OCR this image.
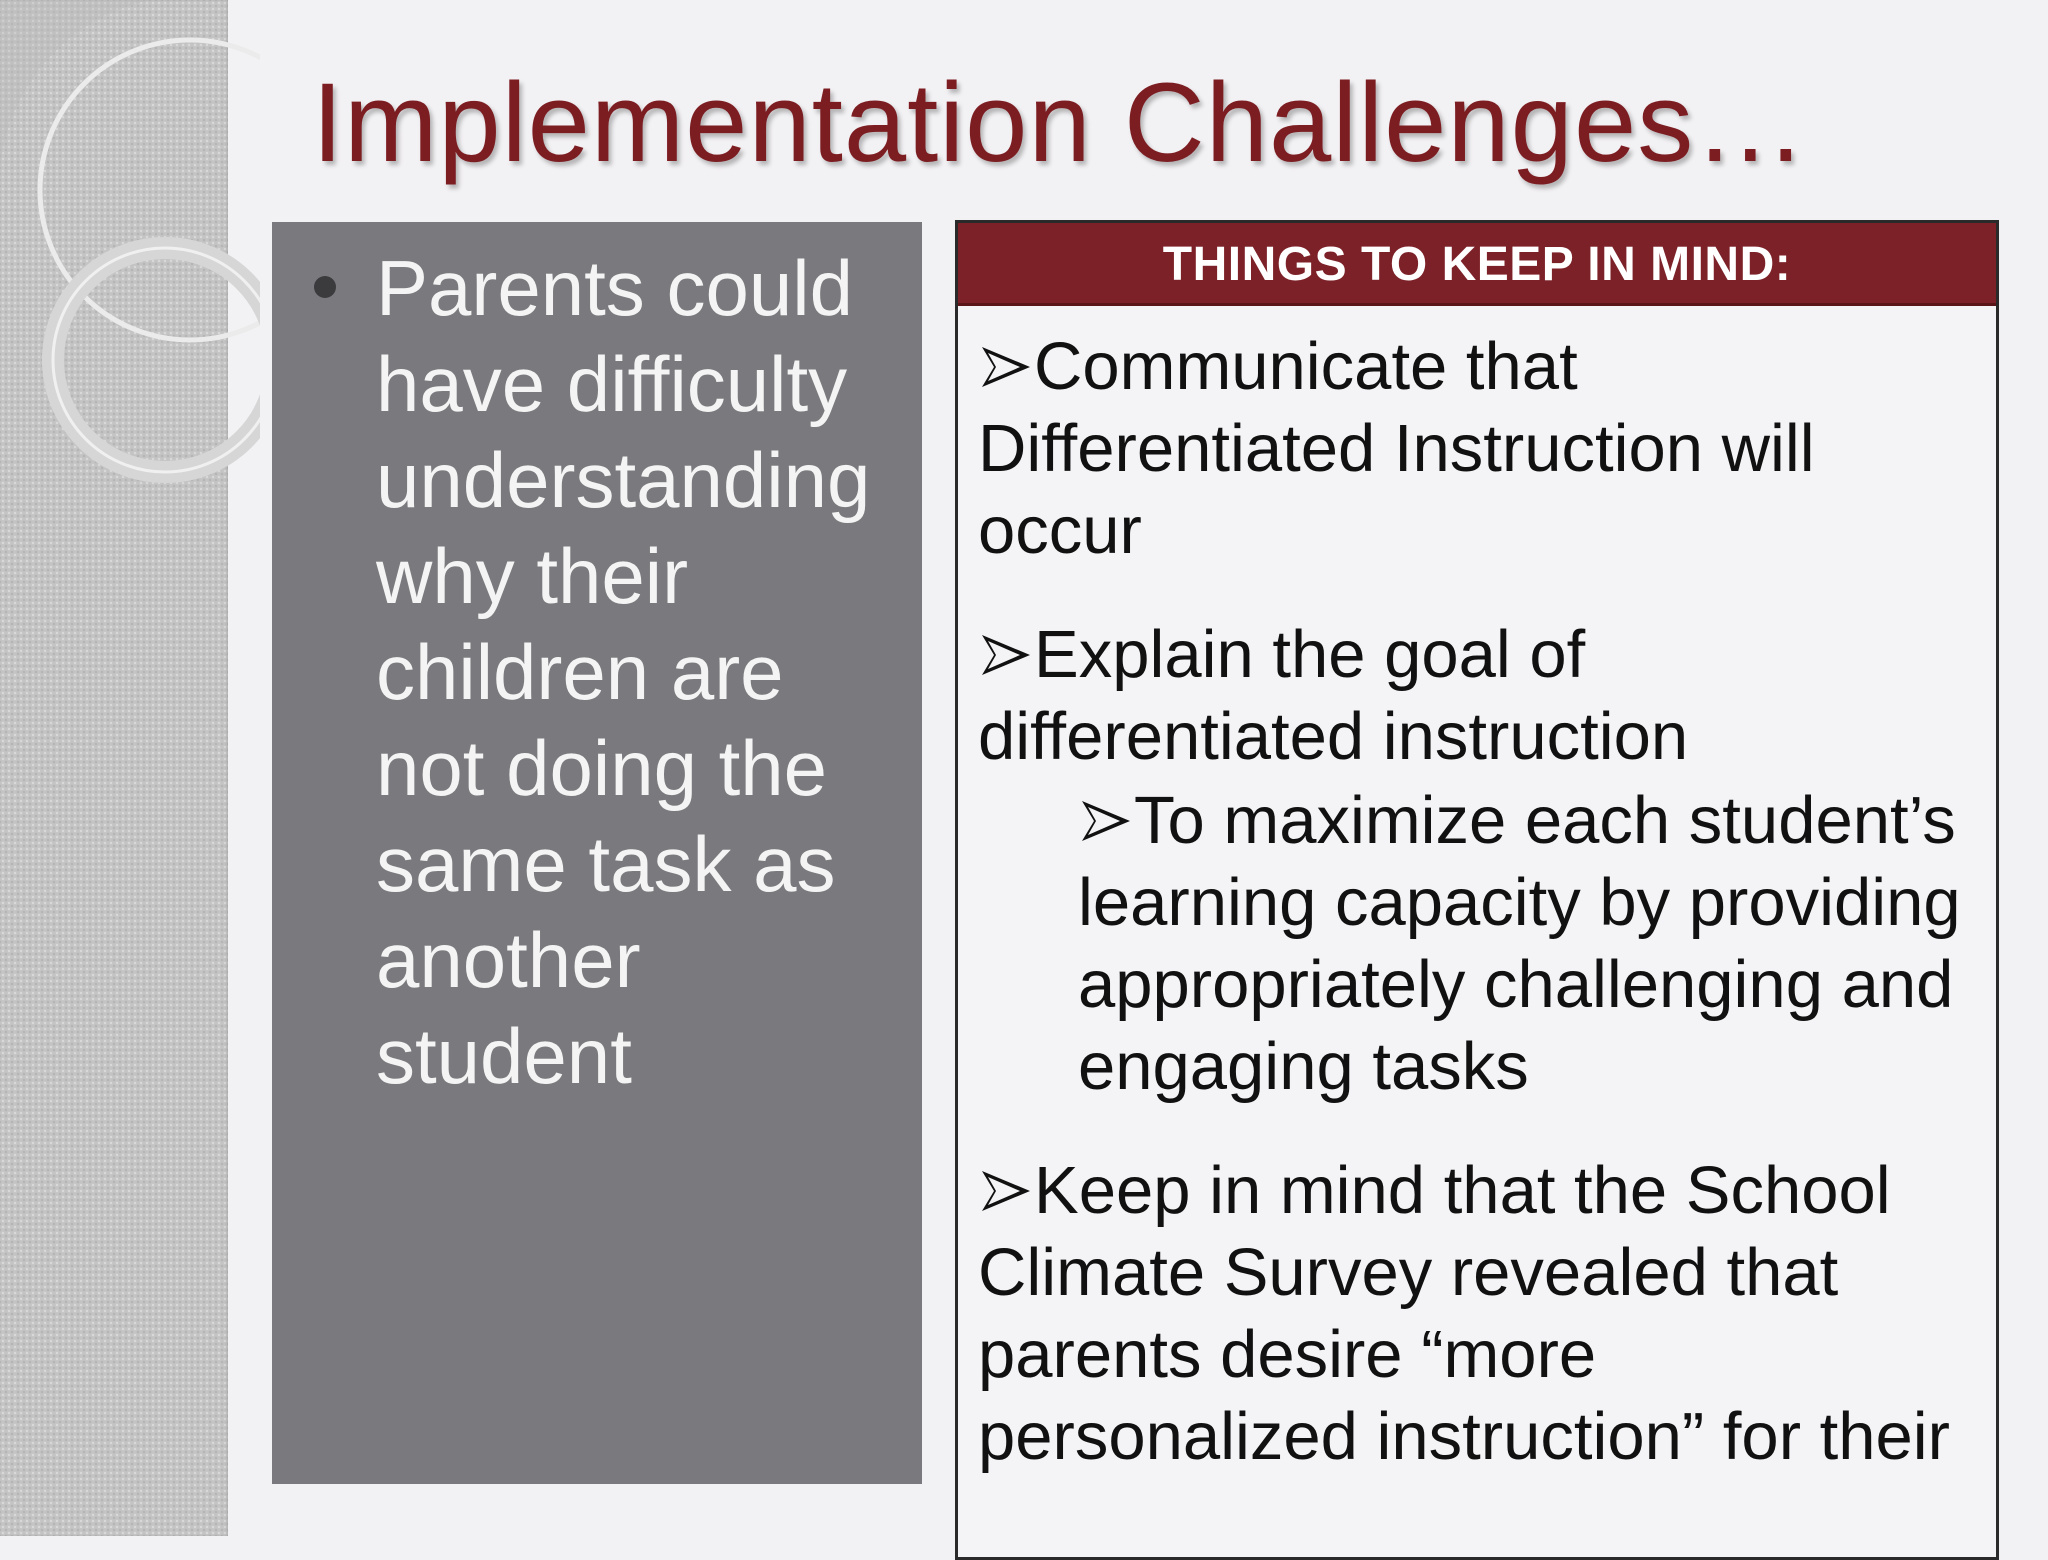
Implementation Challenges…
Parents could have difficulty understanding why their children are not doing the same task as another student
THINGS TO KEEP IN MIND:
Communicate that Differentiated Instruction will occur
Explain the goal of differentiated instruction
To maximize each student’s learning capacity by providing appropriately challenging and engaging tasks
Keep in mind that the School Climate Survey revealed that parents desire “more personalized instruction” for their
